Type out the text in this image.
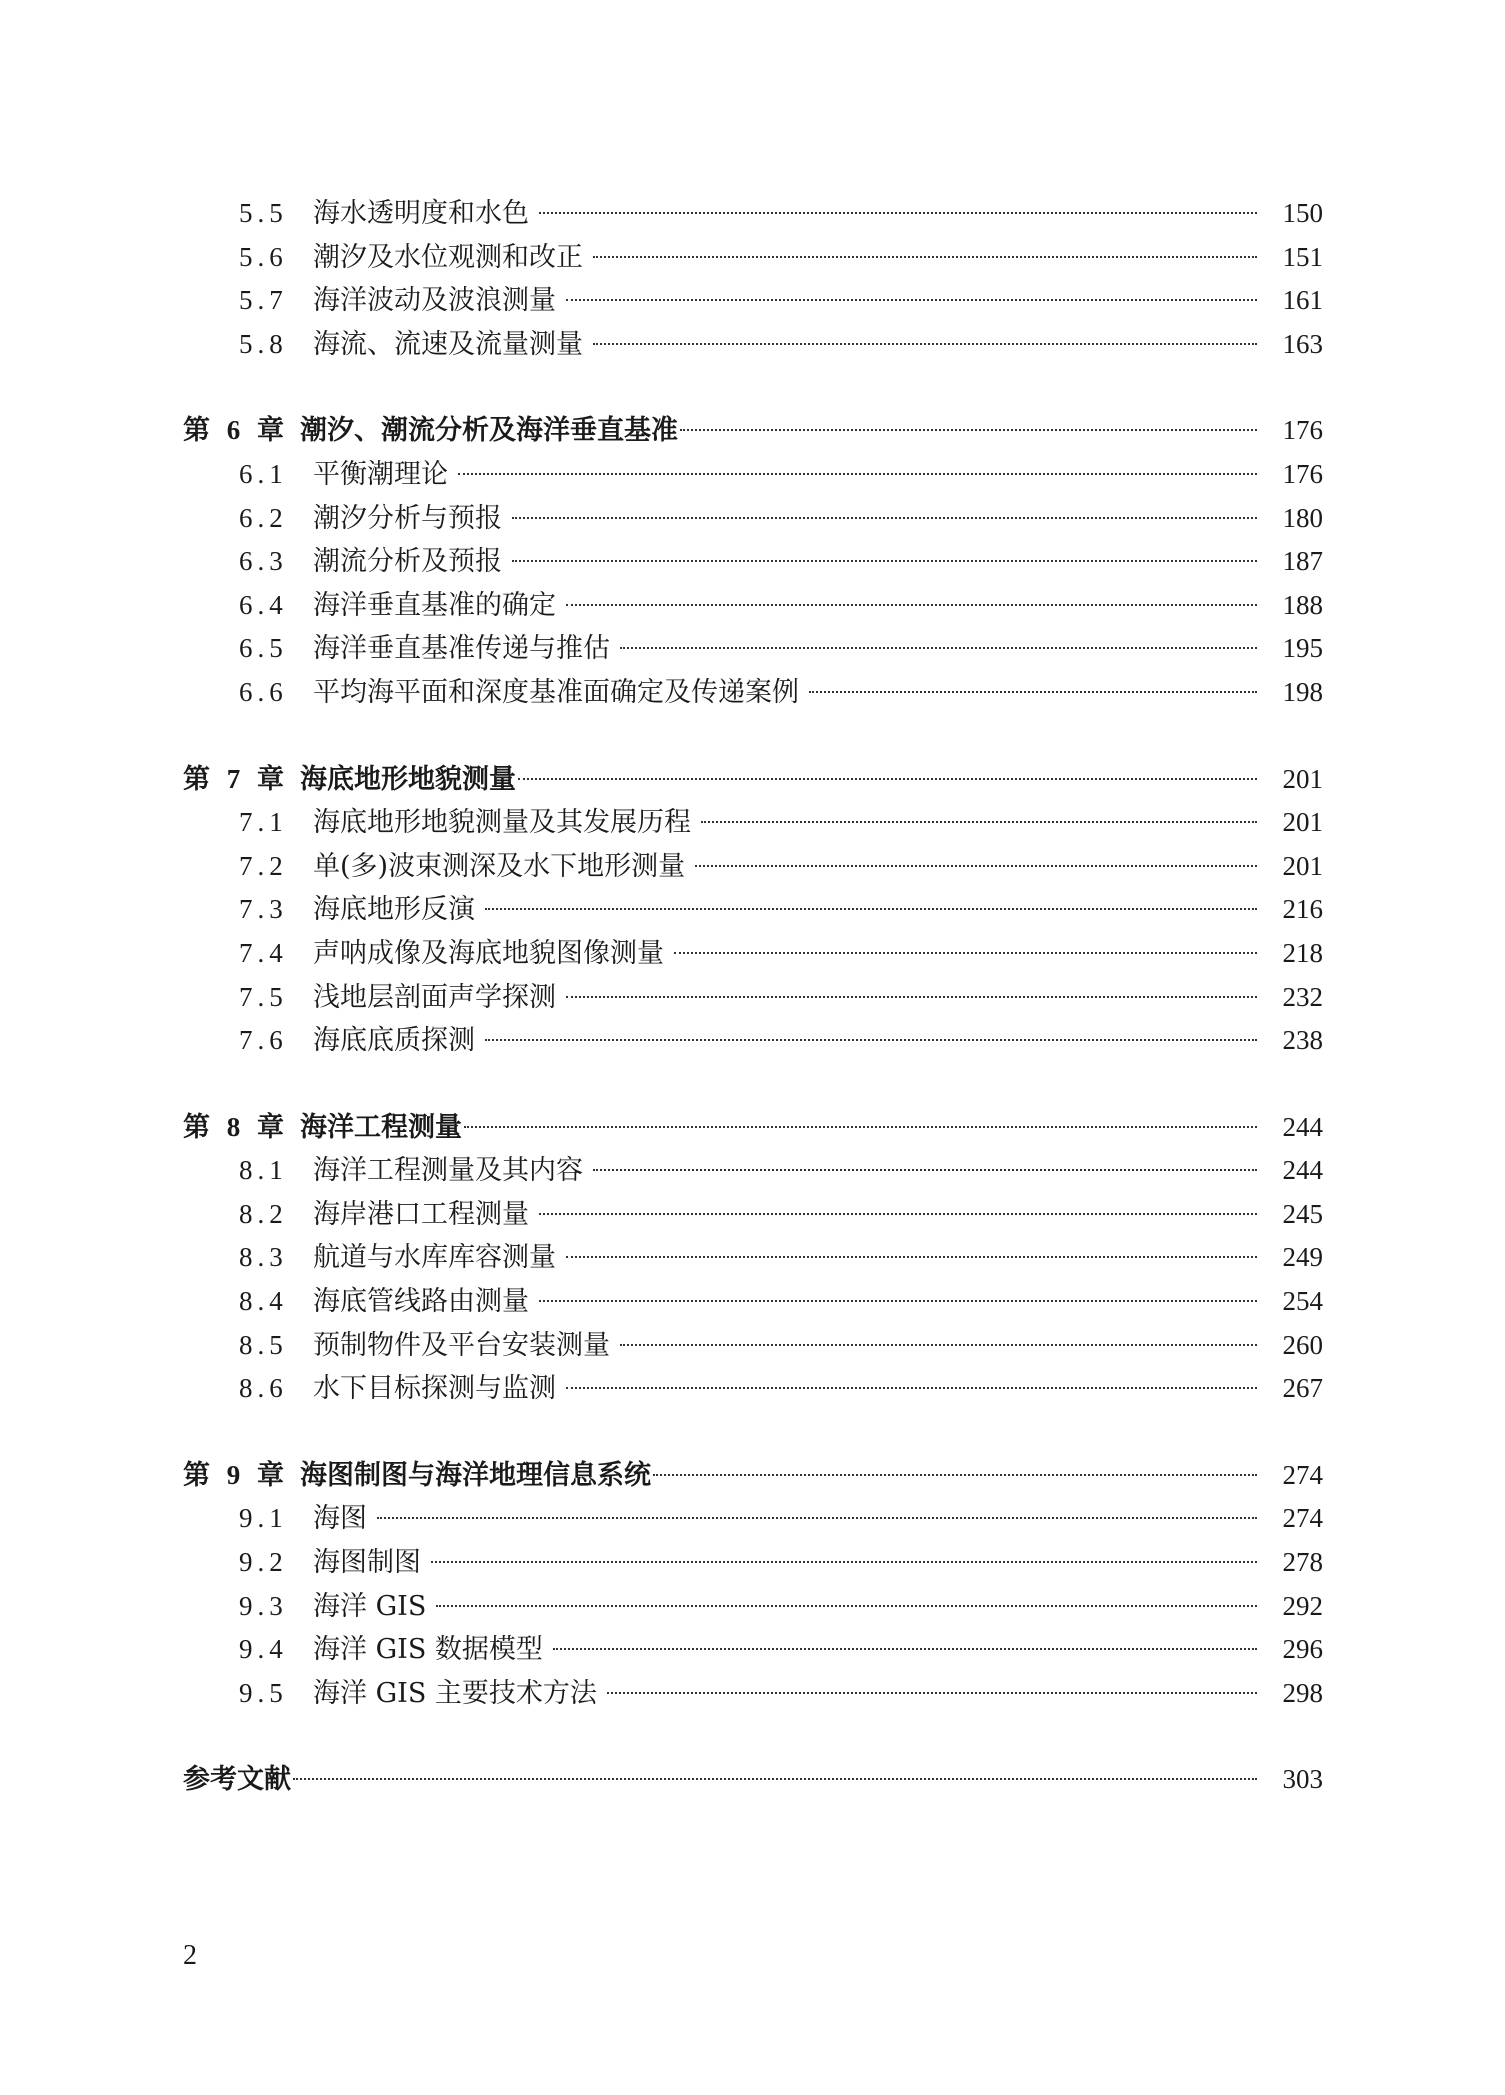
5.5 海水透明度和水色	150
5.6 潮汐及水位观测和改正	151
5.7 海洋波动及波浪测量	161
5.8 海流、流速及流量测量	163
第 6 章 潮汐、潮流分析及海洋垂直基准	176
6.1 平衡潮理论	176
6.2 潮汐分析与预报	180
6.3 潮流分析及预报	187
6.4 海洋垂直基准的确定	188
6.5 海洋垂直基准传递与推估	195
6.6 平均海平面和深度基准面确定及传递案例	198
第 7 章 海底地形地貌测量	201
7.1 海底地形地貌测量及其发展历程	201
7.2 单(多)波束测深及水下地形测量	201
7.3 海底地形反演	216
7.4 声呐成像及海底地貌图像测量	218
7.5 浅地层剖面声学探测	232
7.6 海底底质探测	238
第 8 章 海洋工程测量	244
8.1 海洋工程测量及其内容	244
8.2 海岸港口工程测量	245
8.3 航道与水库库容测量	249
8.4 海底管线路由测量	254
8.5 预制物件及平台安装测量	260
8.6 水下目标探测与监测	267
第 9 章 海图制图与海洋地理信息系统	274
9.1 海图	274
9.2 海图制图	278
9.3 海洋 GIS	292
9.4 海洋 GIS 数据模型	296
9.5 海洋 GIS 主要技术方法	298
参考文献	303
2
